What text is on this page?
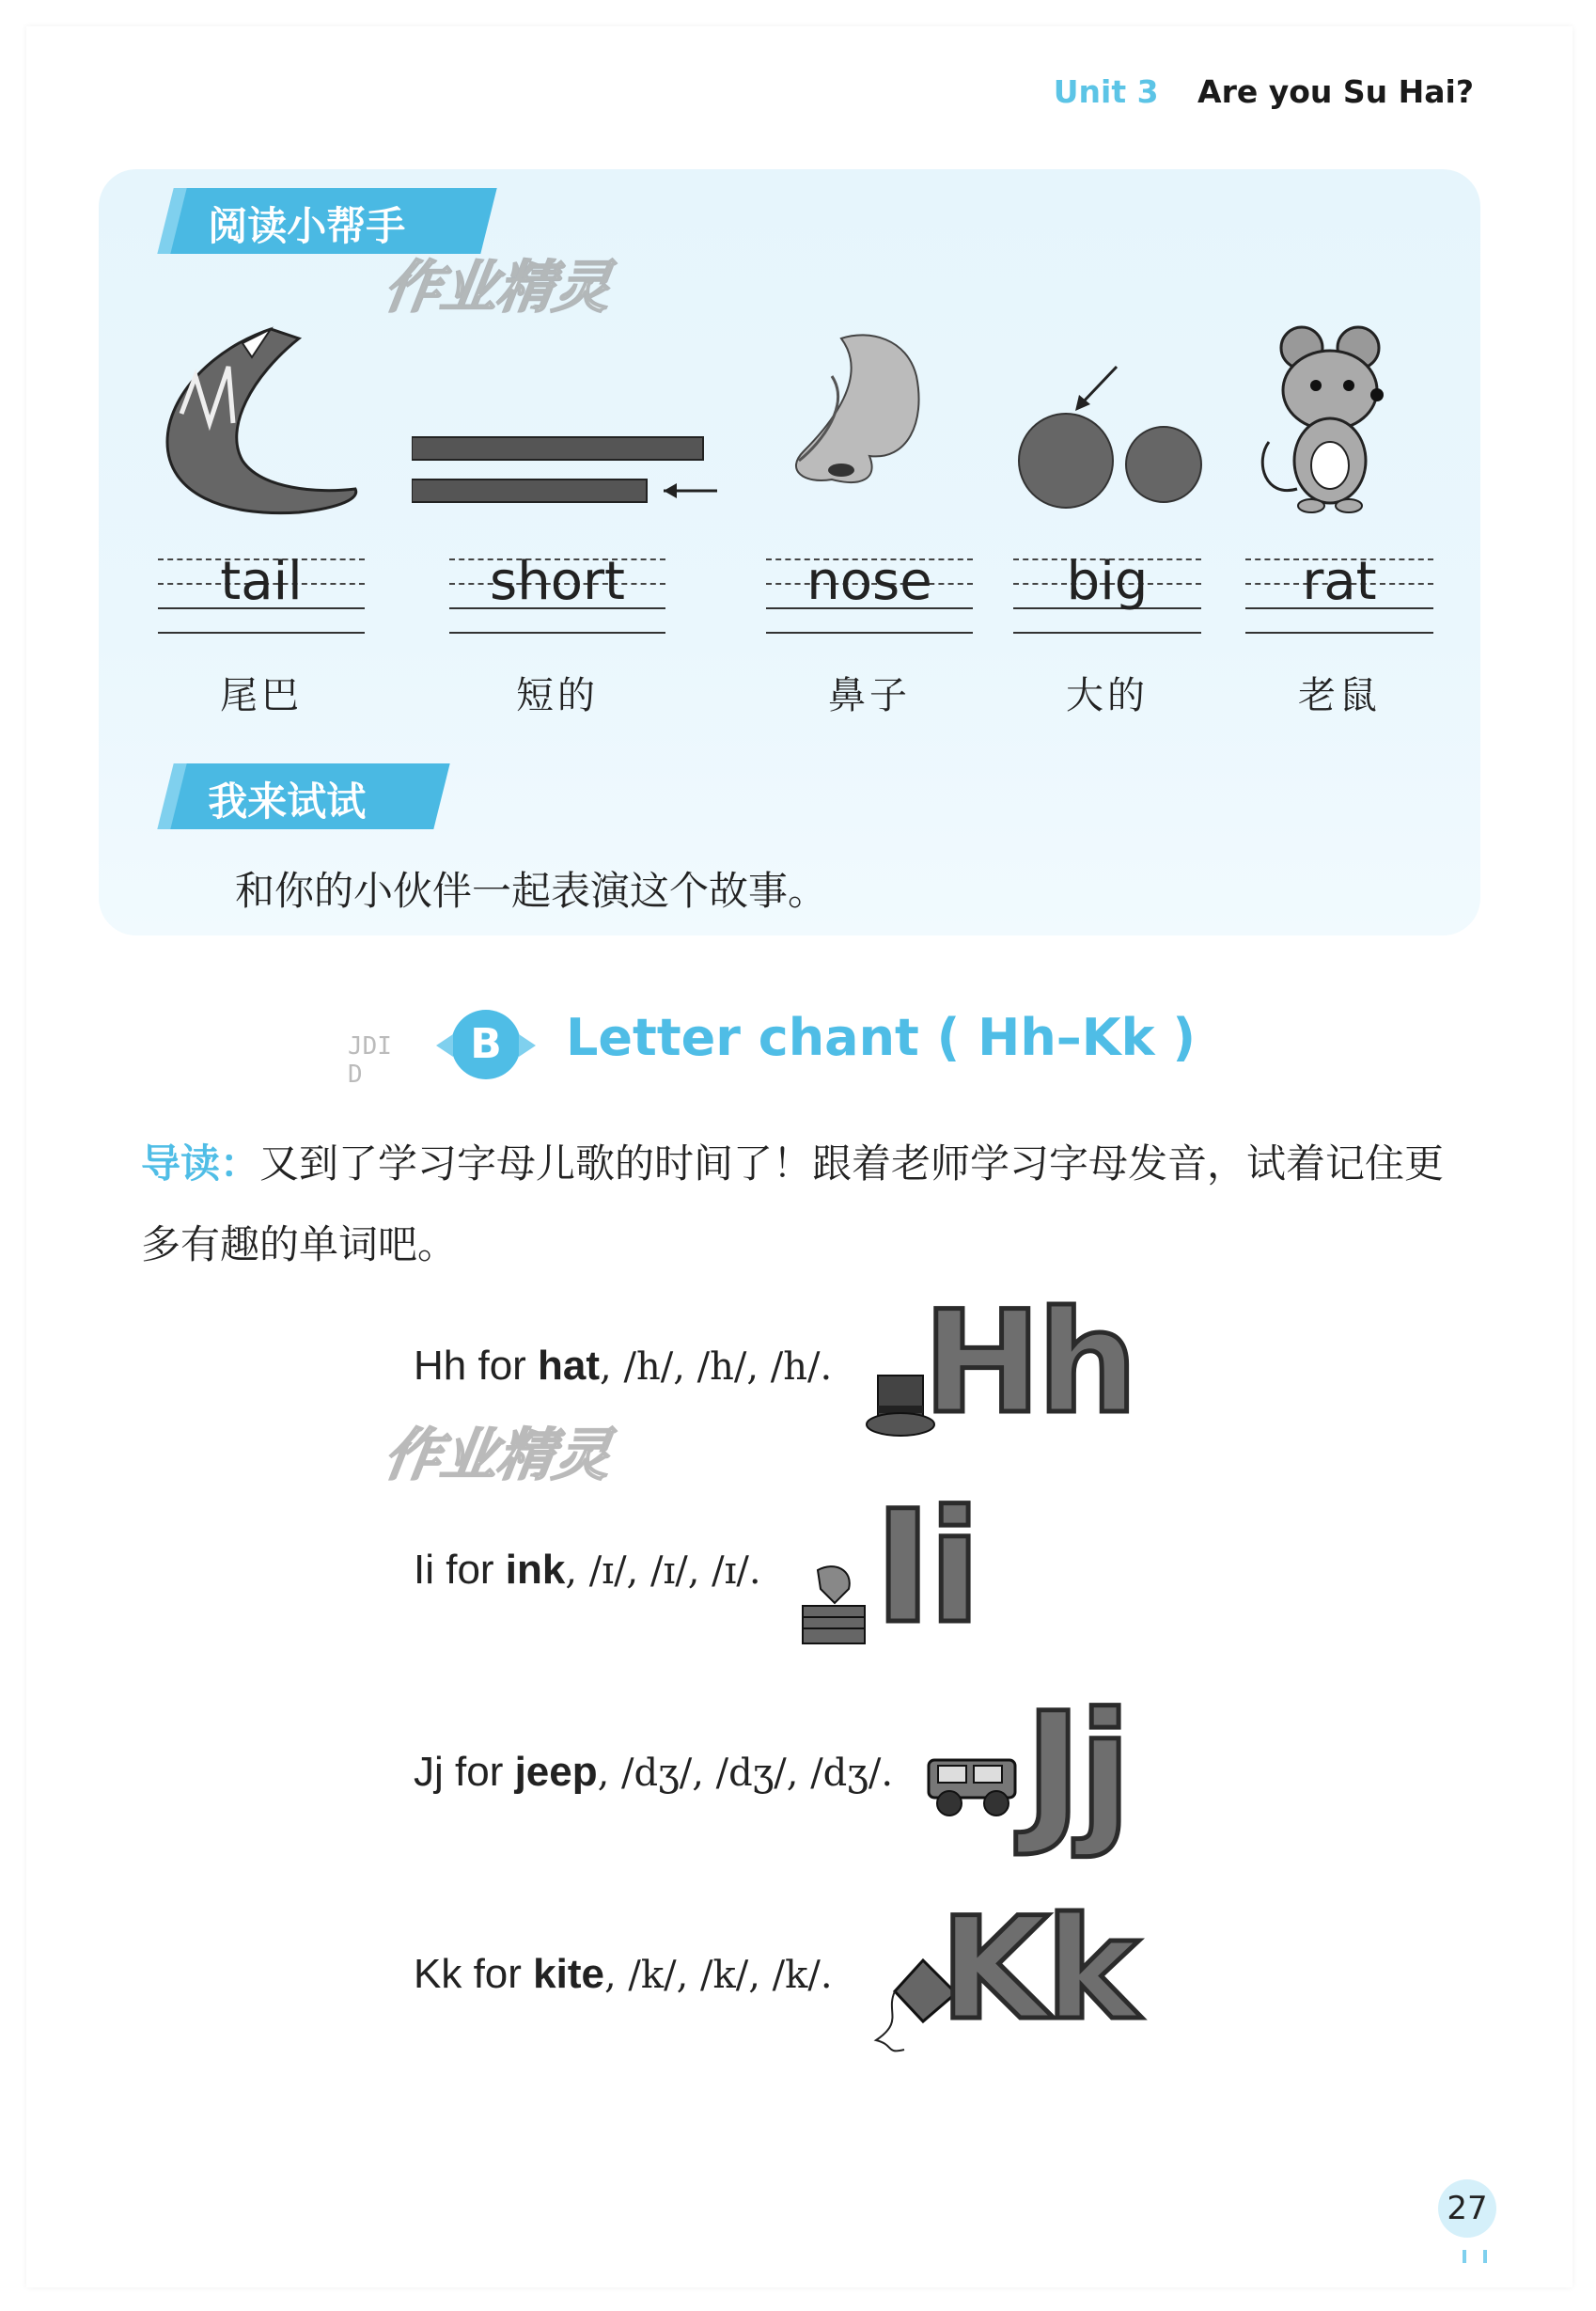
Unit 3 Are you Su Hai?
阅读小帮手
作业精灵
tail
尾巴
short
短的
nose
鼻子
big
大的
rat
老鼠
我来试试
和你的小伙伴一起表演这个故事。
JDI D
B	Letter chant ( Hh–Kk )
导读：又到了学习字母儿歌的时间了！跟着老师学习字母发音，试着记住更多有趣的单词吧。
作业精灵
Hh for hat, /h/, /h/, /h/. Hh
Ii for ink, /ɪ/, /ɪ/, /ɪ/. Ii
Jj for jeep, /dʒ/, /dʒ/, /dʒ/. Jj
Kk for kite, /k/, /k/, /k/. Kk
27
